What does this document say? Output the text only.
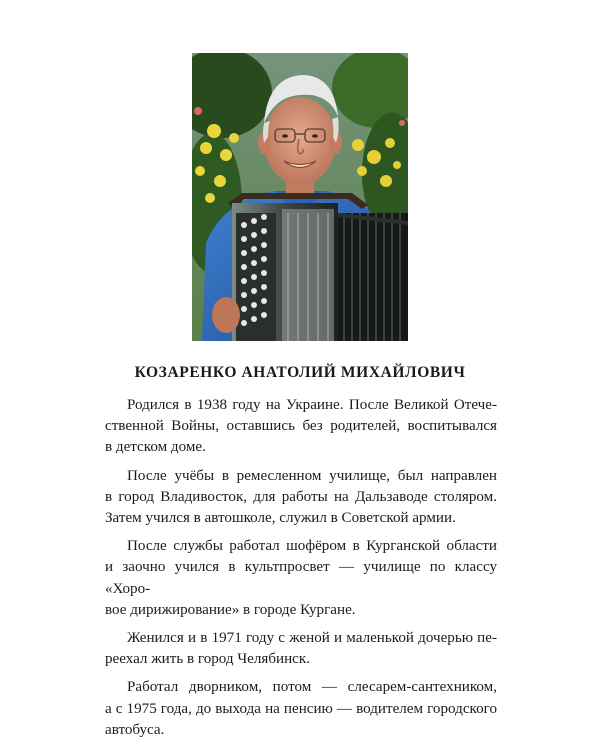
КОЗАРЕНКО АНАТОЛИЙ МИХАЙЛОВИЧ

Родился в 1938 году на Украине. После Великой Отече-
ственной Войны, оставшись без родителей, воспитывался
в детском доме.

После учёбы в ремесленном училище, был направлен
в город Владивосток, для работы на Дальзаводе столяром.
Затем учился в автошколе, служил в Советской армии.

После службы работал шофёром в Курганской области
и заочно учился в культпросвет — училище по классу «Хоро-
вое дирижирование» в городе Кургане.

Женился и в 1971 году с женой и маленькой дочерью пе-
реехал жить в город Челябинск.

Работал дворником, потом — слесарем-сантехником,
а с 1975 года, до выхода на пенсию — водителем городского
автобуса.
